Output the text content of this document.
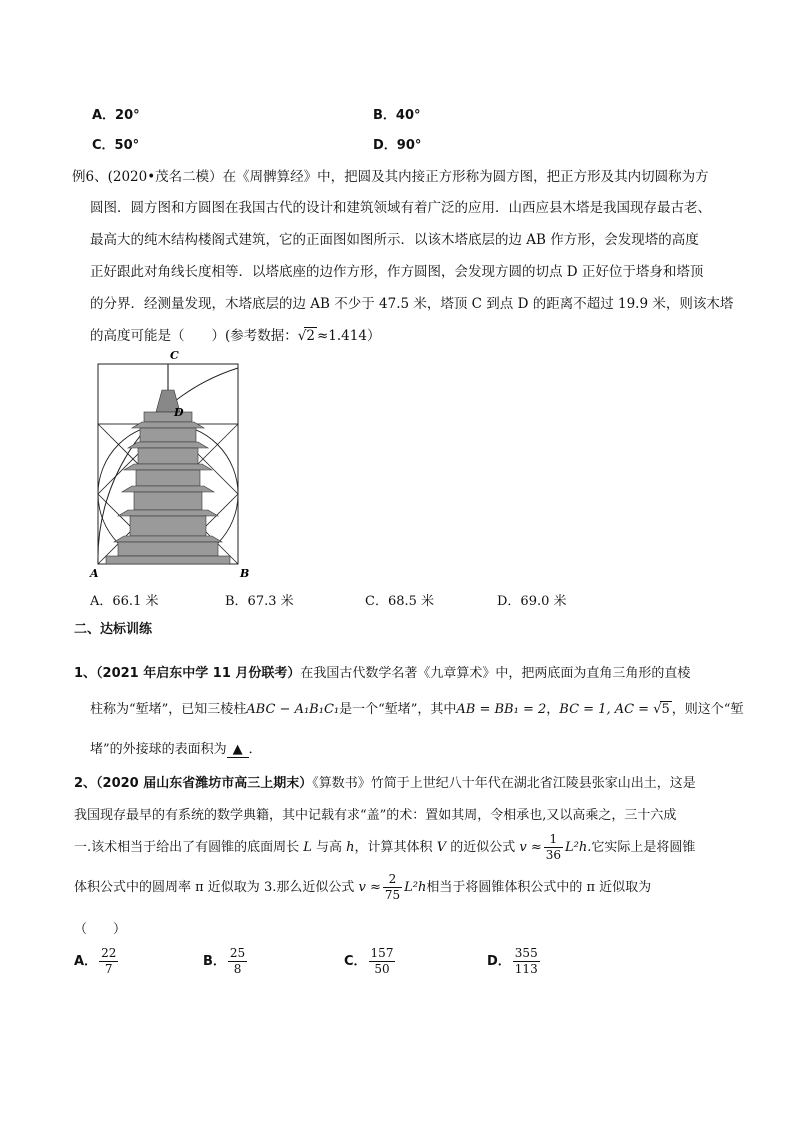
A．20°	B．40°
C．50°	D．90°
例6、(2020•茂名二模）在《周髀算经》中，把圆及其内接正方形称为圆方图，把正方形及其内切圆称为方
圆图．圆方图和方圆图在我国古代的设计和建筑领域有着广泛的应用．山西应县木塔是我国现存最古老、
最高大的纯木结构楼阁式建筑，它的正面图如图所示．以该木塔底层的边 AB 作方形，会发现塔的高度
正好跟此对角线长度相等．以塔底座的边作方形，作方圆图，会发现方圆的切点 D 正好位于塔身和塔顶
的分界．经测量发现，木塔底层的边 AB 不少于 47.5 米，塔顶 C 到点 D 的距离不超过 19.9 米，则该木塔
的高度可能是（　　）(参考数据：√2 ≈1.414）
C
D
A	B
A．66.1 米	B．67.3 米	C．68.5 米	D．69.0 米
二、达标训练
1、（2021 年启东中学 11 月份联考）在我国古代数学名著《九章算术》中，把两底面为直角三角形的直棱
柱称为“堑堵”，已知三棱柱ABC − A₁B₁C₁是一个“堑堵”，其中AB = BB₁ = 2，BC = 1, AC = √5 ，则这个“堑
堵”的外接球的表面积为 ▲ ．
2、（2020 届山东省潍坊市高三上期末）《算数书》竹简于上世纪八十年代在湖北省江陵县张家山出土，这是
我国现存最早的有系统的数学典籍，其中记载有求“盖”的术：置如其周，令相承也,又以高乘之，三十六成
一.该术相当于给出了有圆锥的底面周长 L 与高 h，计算其体积 V 的近似公式 $v \approx \frac{1}{36} L^2h$.它实际上是将圆锥
体积公式中的圆周率 π 近似取为 3.那么近似公式 $v \approx \frac{2}{75} L^2h$相当于将圆锥体积公式中的 π 近似取为
（　　）
A． $\frac{22}{7}$	B． $\frac{25}{8}$	C． $\frac{157}{50}$	D． $\frac{355}{113}$
